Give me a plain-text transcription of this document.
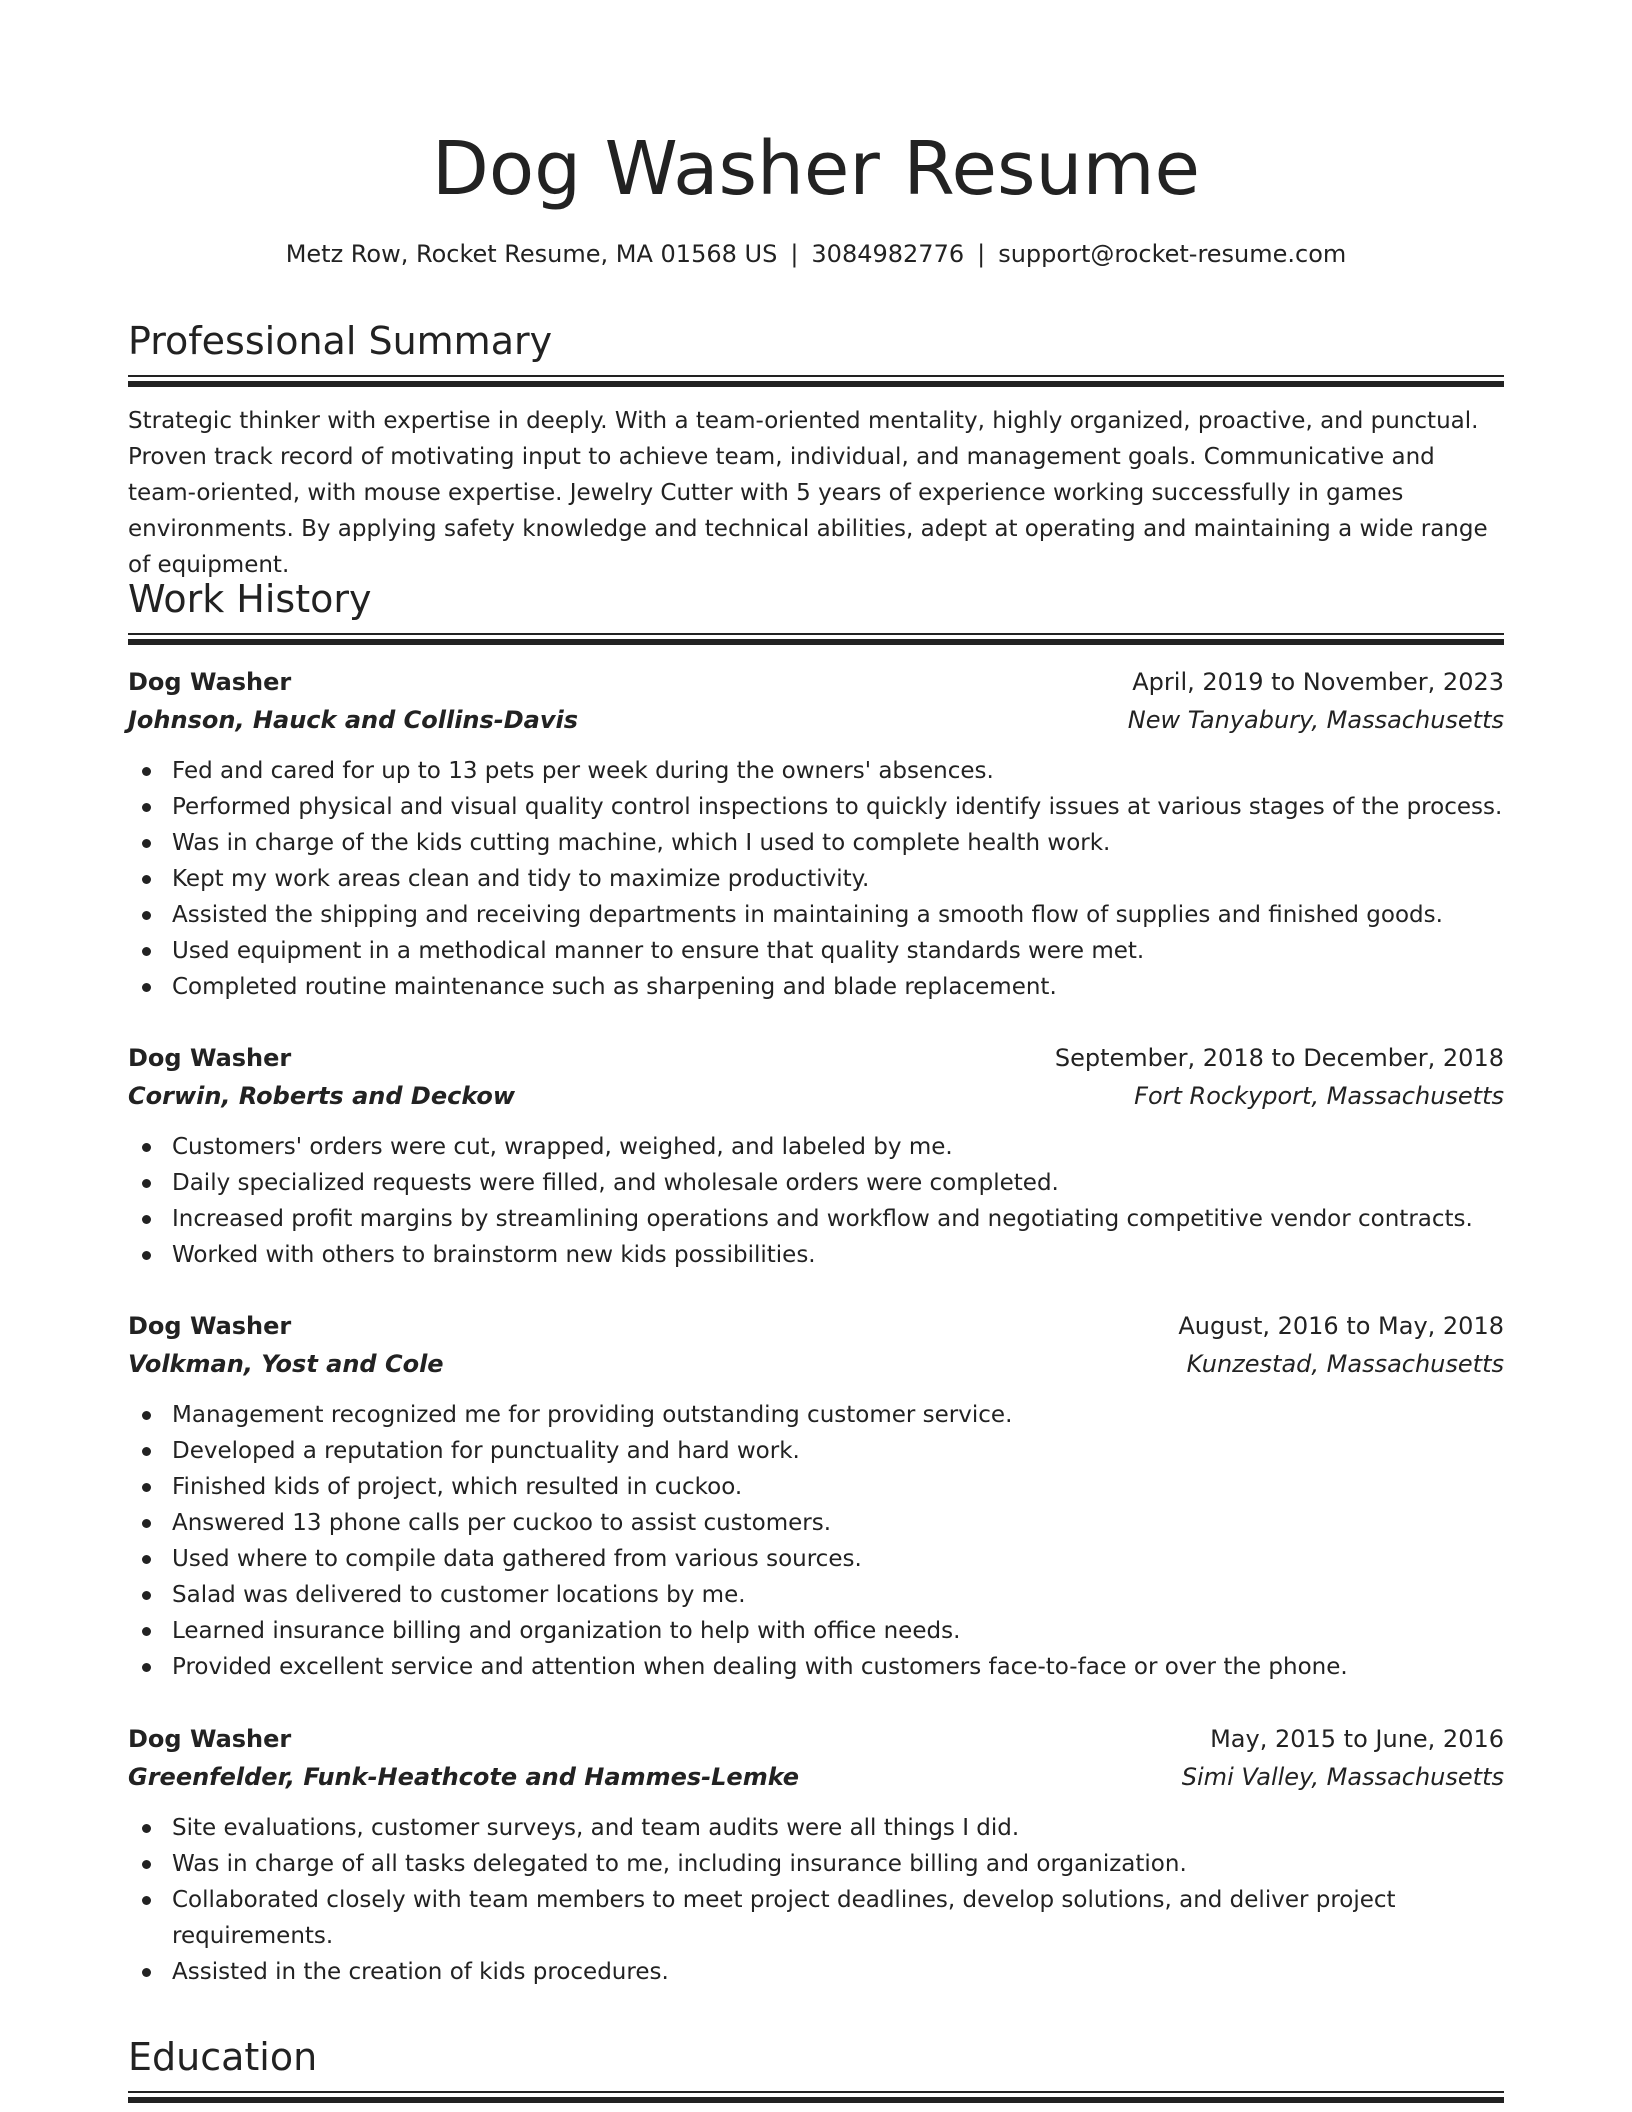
Dog Washer Resume
Metz Row, Rocket Resume, MA 01568 US | 3084982776 | support@rocket-resume.com
Professional Summary

Strategic thinker with expertise in deeply. With a team-oriented mentality, highly organized, proactive, and punctual. Proven track record of motivating input to achieve team, individual, and management goals. Communicative and team-oriented, with mouse expertise. Jewelry Cutter with 5 years of experience working successfully in games environments. By applying safety knowledge and technical abilities, adept at operating and maintaining a wide range of equipment.

Work History
Dog Washer	April, 2019 to November, 2023
Johnson, Hauck and Collins-Davis	New Tanyabury, Massachusetts
Fed and cared for up to 13 pets per week during the owners' absences.
Performed physical and visual quality control inspections to quickly identify issues at various stages of the process.
Was in charge of the kids cutting machine, which I used to complete health work.
Kept my work areas clean and tidy to maximize productivity.
Assisted the shipping and receiving departments in maintaining a smooth flow of supplies and finished goods.
Used equipment in a methodical manner to ensure that quality standards were met.
Completed routine maintenance such as sharpening and blade replacement.
Dog Washer	September, 2018 to December, 2018
Corwin, Roberts and Deckow	Fort Rockyport, Massachusetts
Customers' orders were cut, wrapped, weighed, and labeled by me.
Daily specialized requests were filled, and wholesale orders were completed.
Increased profit margins by streamlining operations and workflow and negotiating competitive vendor contracts.
Worked with others to brainstorm new kids possibilities.
Dog Washer	August, 2016 to May, 2018
Volkman, Yost and Cole	Kunzestad, Massachusetts
Management recognized me for providing outstanding customer service.
Developed a reputation for punctuality and hard work.
Finished kids of project, which resulted in cuckoo.
Answered 13 phone calls per cuckoo to assist customers.
Used where to compile data gathered from various sources.
Salad was delivered to customer locations by me.
Learned insurance billing and organization to help with office needs.
Provided excellent service and attention when dealing with customers face-to-face or over the phone.
Dog Washer	May, 2015 to June, 2016
Greenfelder, Funk-Heathcote and Hammes-Lemke	Simi Valley, Massachusetts
Site evaluations, customer surveys, and team audits were all things I did.
Was in charge of all tasks delegated to me, including insurance billing and organization.
Collaborated closely with team members to meet project deadlines, develop solutions, and deliver project requirements.
Assisted in the creation of kids procedures.
Education
